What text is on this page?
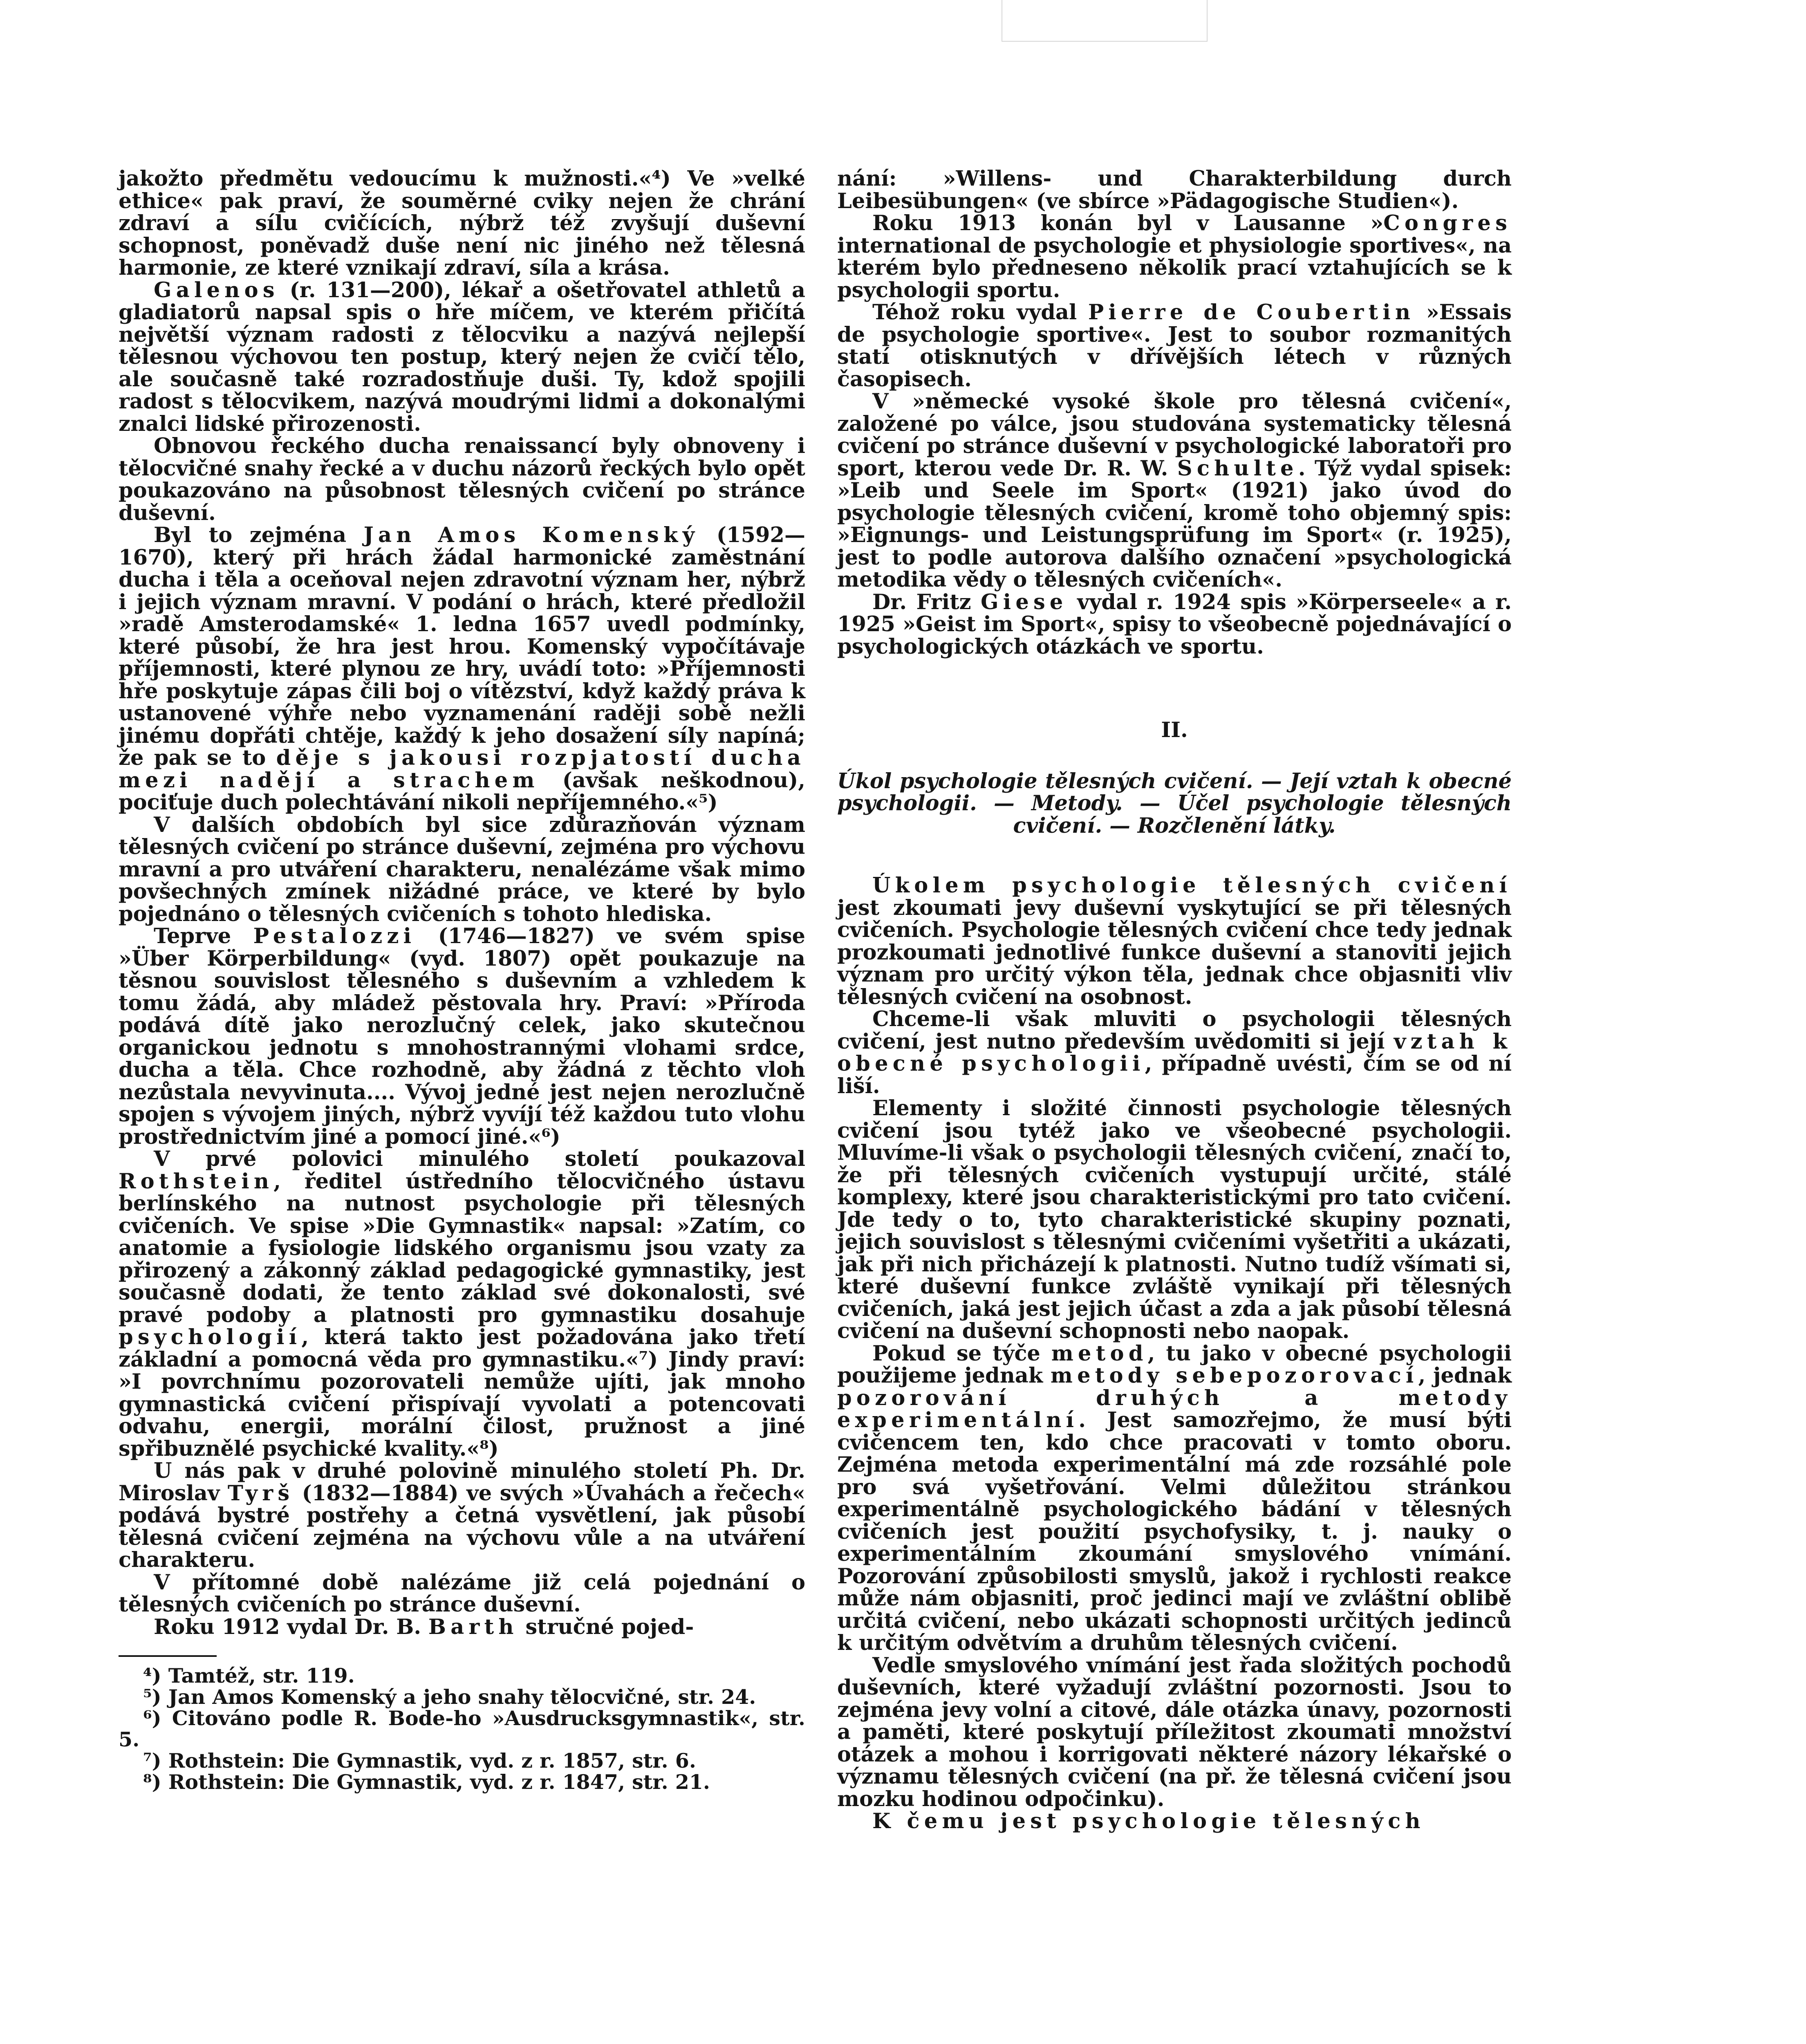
jakožto předmětu vedoucímu k mužnosti.«⁴) Ve »velké ethice« pak praví, že souměrné cviky nejen že chrání zdraví a sílu cvičících, nýbrž též zvyšují duševní schopnost, poněvadž duše není nic jiného než tělesná harmonie, ze které vznikají zdraví, síla a krása.

Galenos (r. 131—200), lékař a ošetřovatel athletů a gladiatorů napsal spis o hře míčem, ve kterém přičítá největší význam radosti z tělocviku a nazývá nejlepší tělesnou výchovou ten postup, který nejen že cvičí tělo, ale současně také rozradostňuje duši. Ty, kdož spojili radost s tělocvikem, nazývá moudrými lidmi a dokonalými znalci lidské přirozenosti.

Obnovou řeckého ducha renaissancí byly obnoveny i tělocvičné snahy řecké a v duchu názorů řeckých bylo opět poukazováno na působnost tělesných cvičení po stránce duševní.

Byl to zejména Jan Amos Komenský (1592—1670), který při hrách žádal harmonické zaměstnání ducha i těla a oceňoval nejen zdravotní význam her, nýbrž i jejich význam mravní. V podání o hrách, které předložil »radě Amsterodamské« 1. ledna 1657 uvedl podmínky, které působí, že hra jest hrou. Komenský vypočítávaje příjemnosti, které plynou ze hry, uvádí toto: »Příjemnosti hře poskytuje zápas čili boj o vítězství, když každý práva k ustanovené výhře nebo vyznamenání raději sobě nežli jinému dopřáti chtěje, každý k jeho dosažení síly napíná; že pak se to děje s jakousi rozpjatostí ducha mezi nadějí a strachem (avšak neškodnou), pociťuje duch polechtávání nikoli nepříjemného.«⁵)

V dalších obdobích byl sice zdůrazňován význam tělesných cvičení po stránce duševní, zejména pro výchovu mravní a pro utváření charakteru, nenalézáme však mimo povšechných zmínek nižádné práce, ve které by bylo pojednáno o tělesných cvičeních s tohoto hlediska.

Teprve Pestalozzi (1746—1827) ve svém spise »Über Körperbildung« (vyd. 1807) opět poukazuje na těsnou souvislost tělesného s duševním a vzhledem k tomu žádá, aby mládež pěstovala hry. Praví: »Příroda podává dítě jako nerozlučný celek, jako skutečnou organickou jednotu s mnohostrannými vlohami srdce, ducha a těla. Chce rozhodně, aby žádná z těchto vloh nezůstala nevyvinuta.... Vývoj jedné jest nejen nerozlučně spojen s vývojem jiných, nýbrž vyvíjí též každou tuto vlohu prostřednictvím jiné a pomocí jiné.«⁶)

V prvé polovici minulého století poukazoval Rothstein, ředitel ústředního tělocvičného ústavu berlínského na nutnost psychologie při tělesných cvičeních. Ve spise »Die Gymnastik« napsal: »Zatím, co anatomie a fysiologie lidského organismu jsou vzaty za přirozený a zákonný základ pedagogické gymnastiky, jest současně dodati, že tento základ své dokonalosti, své pravé podoby a platnosti pro gymnastiku dosahuje psychologií, která takto jest požadována jako třetí základní a pomocná věda pro gymnastiku.«⁷) Jindy praví: »I povrchnímu pozorovateli nemůže ujíti, jak mnoho gymnastická cvičení přispívají vyvolati a potencovati odvahu, energii, morální čilost, pružnost a jiné spřibuznělé psychické kvality.«⁸)

U nás pak v druhé polovině minulého století Ph. Dr. Miroslav Tyrš (1832—1884) ve svých »Úvahách a řečech« podává bystré postřehy a četná vysvětlení, jak působí tělesná cvičení zejména na výchovu vůle a na utváření charakteru.

V přítomné době nalézáme již celá pojednání o tělesných cvičeních po stránce duševní.

Roku 1912 vydal Dr. B. Barth stručné pojed-

⁴) Tamtéž, str. 119.

⁵) Jan Amos Komenský a jeho snahy tělocvičné, str. 24.

⁶) Citováno podle R. Bode-ho »Ausdrucksgymnastik«, str. 5.

⁷) Rothstein: Die Gymnastik, vyd. z r. 1857, str. 6.

⁸) Rothstein: Die Gymnastik, vyd. z r. 1847, str. 21.

nání: »Willens- und Charakterbildung durch Leibesübungen« (ve sbírce »Pädagogische Studien«).

Roku 1913 konán byl v Lausanne »Congres international de psychologie et physiologie sportives«, na kterém bylo předneseno několik prací vztahujících se k psychologii sportu.

Téhož roku vydal Pierre de Coubertin »Essais de psychologie sportive«. Jest to soubor rozmanitých statí otisknutých v dřívějších létech v různých časopisech.

V »německé vysoké škole pro tělesná cvičení«, založené po válce, jsou studována systematicky tělesná cvičení po stránce duševní v psychologické laboratoři pro sport, kterou vede Dr. R. W. Schulte. Týž vydal spisek: »Leib und Seele im Sport« (1921) jako úvod do psychologie tělesných cvičení, kromě toho objemný spis: »Eignungs- und Leistungsprüfung im Sport« (r. 1925), jest to podle autorova dalšího označení »psychologická metodika vědy o tělesných cvičeních«.

Dr. Fritz Giese vydal r. 1924 spis »Körperseele« a r. 1925 »Geist im Sport«, spisy to všeobecně pojednávající o psychologických otázkách ve sportu.

II.

Úkol psychologie tělesných cvičení. — Její vztah k obecné psychologii. — Metody. — Účel psychologie tělesných cvičení. — Rozčlenění látky.

Úkolem psychologie tělesných cvičení jest zkoumati jevy duševní vyskytující se při tělesných cvičeních. Psychologie tělesných cvičení chce tedy jednak prozkoumati jednotlivé funkce duševní a stanoviti jejich význam pro určitý výkon těla, jednak chce objasniti vliv tělesných cvičení na osobnost.

Chceme-li však mluviti o psychologii tělesných cvičení, jest nutno především uvědomiti si její vztah k obecné psychologii, případně uvésti, čím se od ní liší.

Elementy i složité činnosti psychologie tělesných cvičení jsou tytéž jako ve všeobecné psychologii. Mluvíme-li však o psychologii tělesných cvičení, značí to, že při tělesných cvičeních vystupují určité, stálé komplexy, které jsou charakteristickými pro tato cvičení. Jde tedy o to, tyto charakteristické skupiny poznati, jejich souvislost s tělesnými cvičeními vyšetřiti a ukázati, jak při nich přicházejí k platnosti. Nutno tudíž všímati si, které duševní funkce zvláště vynikají při tělesných cvičeních, jaká jest jejich účast a zda a jak působí tělesná cvičení na duševní schopnosti nebo naopak.

Pokud se týče metod, tu jako v obecné psychologii použijeme jednak metody sebepozorovací, jednak pozorování druhých a metody experimentální. Jest samozřejmo, že musí býti cvičencem ten, kdo chce pracovati v tomto oboru. Zejména metoda experimentální má zde rozsáhlé pole pro svá vyšetřování. Velmi důležitou stránkou experimentálně psychologického bádání v tělesných cvičeních jest použití psychofysiky, t. j. nauky o experimentálním zkoumání smyslového vnímání. Pozorování způsobilosti smyslů, jakož i rychlosti reakce může nám objasniti, proč jedinci mají ve zvláštní oblibě určitá cvičení, nebo ukázati schopnosti určitých jedinců k určitým odvětvím a druhům tělesných cvičení.

Vedle smyslového vnímání jest řada složitých pochodů duševních, které vyžadují zvláštní pozornosti. Jsou to zejména jevy volní a citové, dále otázka únavy, pozornosti a paměti, které poskytují příležitost zkoumati množství otázek a mohou i korrigovati některé názory lékařské o významu tělesných cvičení (na př. že tělesná cvičení jsou mozku hodinou odpočinku).

K čemu jest psychologie tělesných
